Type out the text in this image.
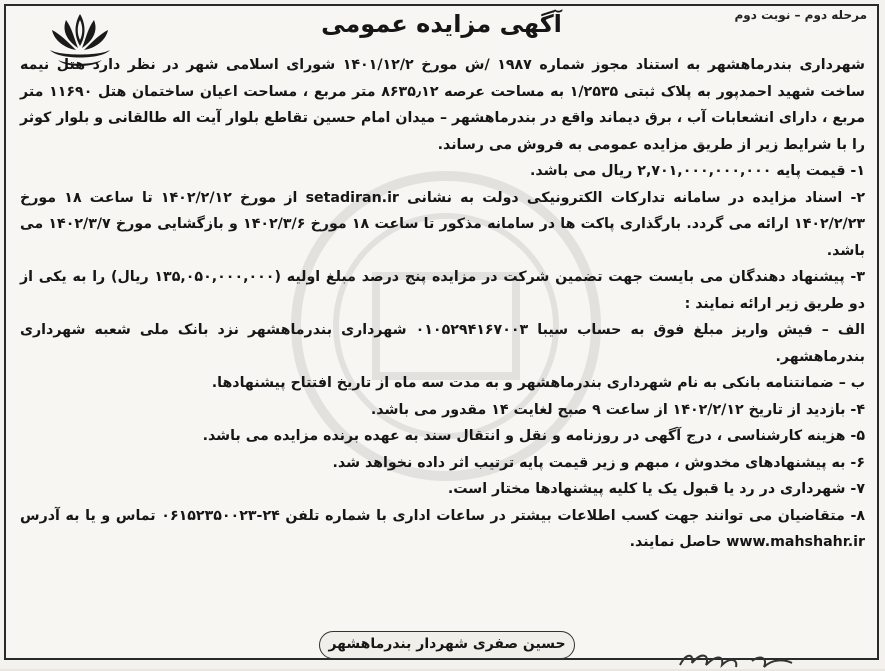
مرحله دوم – نوبت دوم
آگهی مزایده عمومی

شهرداری بندرماهشهر به استناد مجوز شماره ۱۹۸۷ /ش مورخ ۱۴۰۱/۱۲/۲ شورای اسلامی شهر در نظر دارد هتل نیمه ساخت شهید احمدپور به پلاک ثبتی ۱/۲۵۳۵ به مساحت عرصه ۸۶۳۵٫۱۲ متر مربع ، مساحت اعیان ساختمان هتل ۱۱۶۹۰ متر مربع ، دارای انشعابات آب ، برق دیماند واقع در بندرماهشهر – میدان امام حسین تقاطع بلوار آیت اله طالقانی و بلوار کوثر را با شرایط زیر از طریق مزایده عمومی به فروش می رساند.

۱- قیمت پایه ۲,۷۰۱,۰۰۰,۰۰۰,۰۰۰ ریال می باشد.

۲- اسناد مزایده در سامانه تدارکات الکترونیکی دولت به نشانی setadiran.ir از مورخ ۱۴۰۲/۲/۱۲ تا ساعت ۱۸ مورخ ۱۴۰۲/۲/۲۳ ارائه می گردد. بارگذاری پاکت ها در سامانه مذکور تا ساعت ۱۸ مورخ ۱۴۰۲/۳/۶ و بازگشایی مورخ ۱۴۰۲/۳/۷ می باشد.

۳- پیشنهاد دهندگان می بایست جهت تضمین شرکت در مزایده پنج درصد مبلغ اولیه (۱۳۵,۰۵۰,۰۰۰,۰۰۰ ریال) را به یکی از دو طریق زیر ارائه نمایند :

الف – فیش واریز مبلغ فوق به حساب سیبا ۰۱۰۵۲۹۴۱۶۷۰۰۳ شهرداری بندرماهشهر نزد بانک ملی شعبه شهرداری بندرماهشهر.

ب – ضمانتنامه بانکی به نام شهرداری بندرماهشهر و به مدت سه ماه از تاریخ افتتاح پیشنهادها.

۴- بازدید از تاریخ ۱۴۰۲/۲/۱۲ از ساعت ۹ صبح لغایت ۱۴ مقدور می باشد.

۵- هزینه کارشناسی ، درج آگهی در روزنامه و نقل و انتقال سند به عهده برنده مزایده می باشد.

۶- به پیشنهادهای مخدوش ، مبهم و زیر قیمت پایه ترتیب اثر داده نخواهد شد.

۷- شهرداری در رد یا قبول یک یا کلیه پیشنهادها مختار است.

۸- متقاضیان می توانند جهت کسب اطلاعات بیشتر در ساعات اداری با شماره تلفن ۲۴-۰۶۱۵۲۳۵۰۰۲۳ تماس و یا به آدرس www.mahshahr.ir حاصل نمایند.

حسین صفری شهردار بندرماهشهر
